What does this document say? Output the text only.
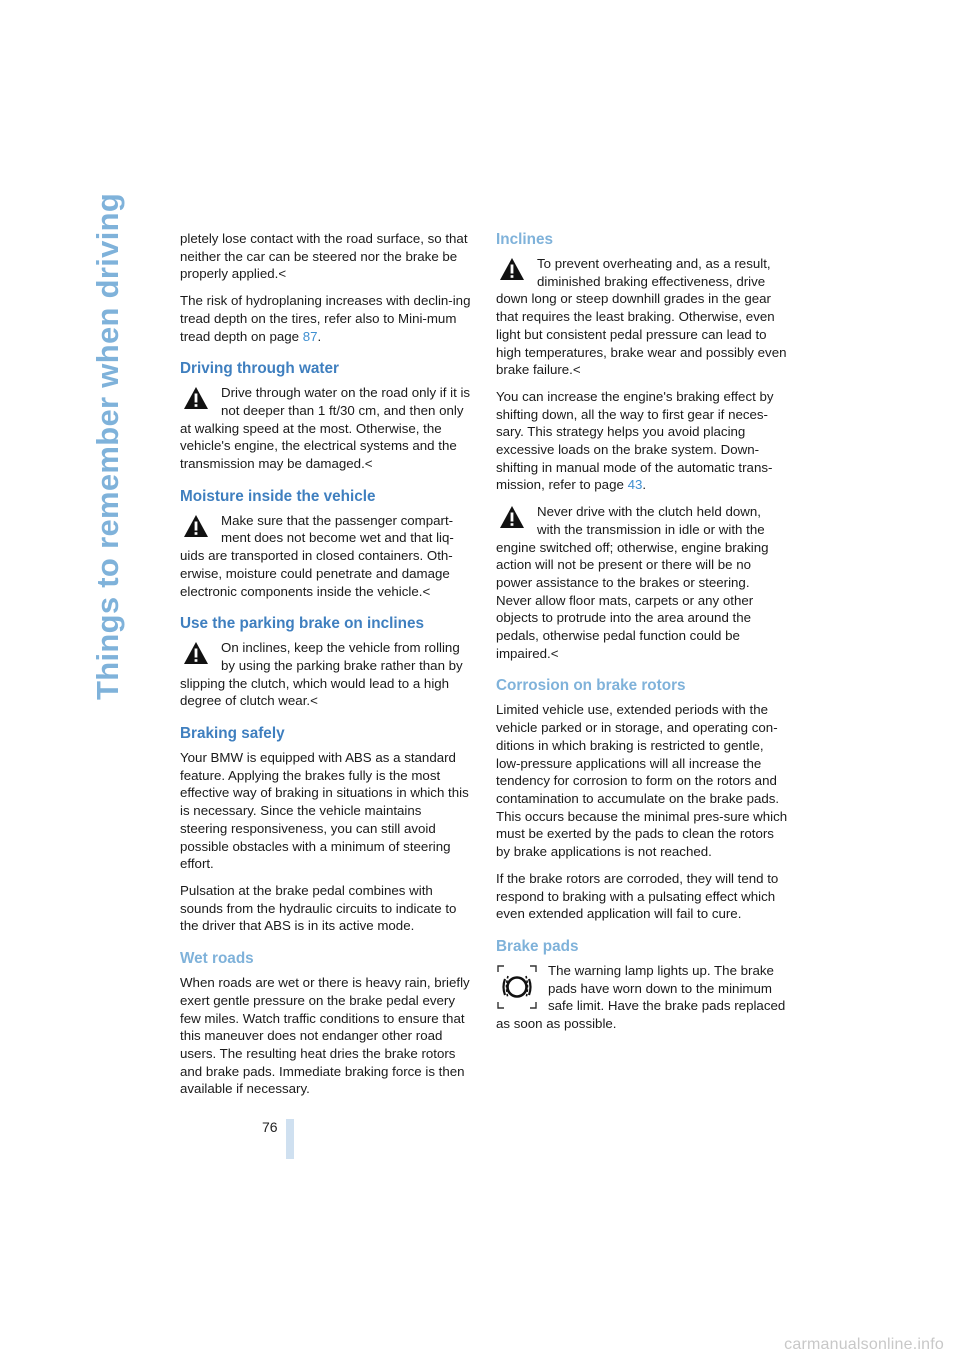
Things to remember when driving	pletely lose contact with the road surface, so that neither the car can be steered nor the brake be properly applied.<

The risk of hydroplaning increases with declin-ing tread depth on the tires, refer also to Mini-mum tread depth on page 87.

Driving through water

Drive through water on the road only if it is not deeper than 1 ft/30 cm, and then only at walking speed at the most. Otherwise, the vehicle's engine, the electrical systems and the transmission may be damaged.<

Moisture inside the vehicle

Make sure that the passenger compart-ment does not become wet and that liq-uids are transported in closed containers. Oth-erwise, moisture could penetrate and damage electronic components inside the vehicle.<

Use the parking brake on inclines

On inclines, keep the vehicle from rolling by using the parking brake rather than by slipping the clutch, which would lead to a high degree of clutch wear.<

Braking safely

Your BMW is equipped with ABS as a standard feature. Applying the brakes fully is the most effective way of braking in situations in which this is necessary. Since the vehicle maintains steering responsiveness, you can still avoid possible obstacles with a minimum of steering effort.

Pulsation at the brake pedal combines with sounds from the hydraulic circuits to indicate to the driver that ABS is in its active mode.

Wet roads

When roads are wet or there is heavy rain, briefly exert gentle pressure on the brake pedal every few miles. Watch traffic conditions to ensure that this maneuver does not endanger other road users. The resulting heat dries the brake rotors and brake pads. Immediate braking force is then available if necessary.

Inclines

To prevent overheating and, as a result, diminished braking effectiveness, drive down long or steep downhill grades in the gear that requires the least braking. Otherwise, even light but consistent pedal pressure can lead to high temperatures, brake wear and possibly even brake failure.<

You can increase the engine's braking effect by shifting down, all the way to first gear if neces-sary. This strategy helps you avoid placing excessive loads on the brake system. Down-shifting in manual mode of the automatic trans-mission, refer to page 43.

Never drive with the clutch held down, with the transmission in idle or with the engine switched off; otherwise, engine braking action will not be present or there will be no power assistance to the brakes or steering. Never allow floor mats, carpets or any other objects to protrude into the area around the pedals, otherwise pedal function could be impaired.<

Corrosion on brake rotors

Limited vehicle use, extended periods with the vehicle parked or in storage, and operating con-ditions in which braking is restricted to gentle, low-pressure applications will all increase the tendency for corrosion to form on the rotors and contamination to accumulate on the brake pads. This occurs because the minimal pres-sure which must be exerted by the pads to clean the rotors by brake applications is not reached.

If the brake rotors are corroded, they will tend to respond to braking with a pulsating effect which even extended application will fail to cure.

Brake pads

The warning lamp lights up. The brake pads have worn down to the minimum safe limit. Have the brake pads replaced as soon as possible.

76
carmanualsonline.info
